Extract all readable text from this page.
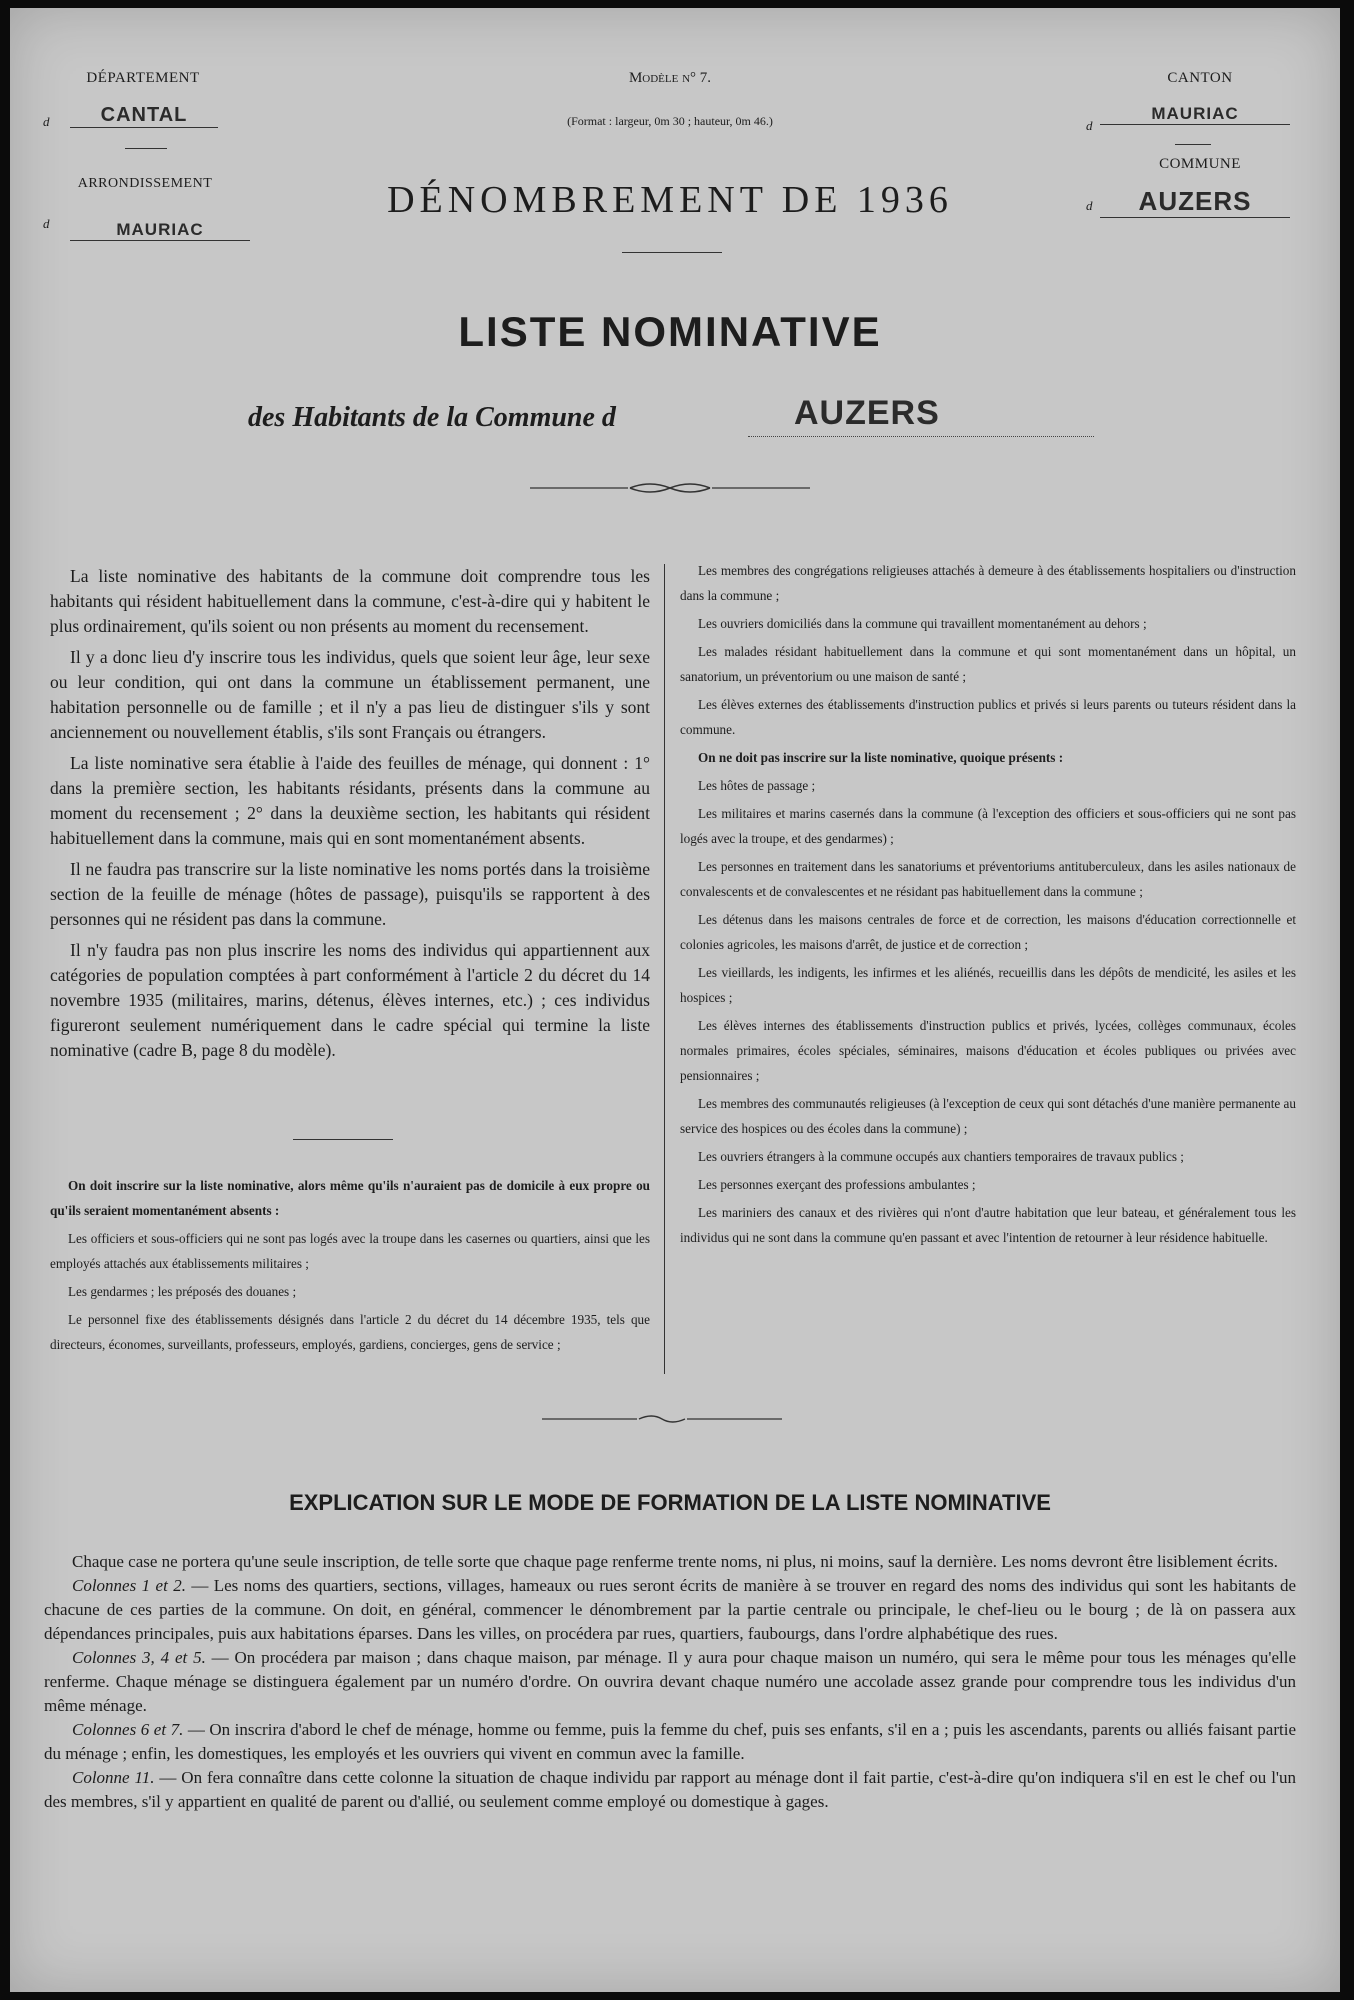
DÉPARTEMENT
d	CANTAL
ARRONDISSEMENT
d	MAURIAC
Modèle n° 7.
(Format : largeur, 0m 30 ; hauteur, 0m 46.)
CANTON
d
MAURIAC
COMMUNE
d	AUZERS
DÉNOMBREMENT DE 1936
LISTE NOMINATIVE
des Habitants de la Commune d	AUZERS

La liste nominative des habitants de la commune doit comprendre tous les habitants qui résident habituellement dans la commune, c'est-à-dire qui y habitent le plus ordinairement, qu'ils soient ou non présents au moment du recensement.

Il y a donc lieu d'y inscrire tous les individus, quels que soient leur âge, leur sexe ou leur condition, qui ont dans la commune un établissement permanent, une habitation personnelle ou de famille ; et il n'y a pas lieu de distinguer s'ils y sont anciennement ou nouvellement établis, s'ils sont Français ou étrangers.

La liste nominative sera établie à l'aide des feuilles de ménage, qui donnent : 1° dans la première section, les habitants résidants, présents dans la commune au moment du recensement ; 2° dans la deuxième section, les habitants qui résident habituellement dans la commune, mais qui en sont momentanément absents.

Il ne faudra pas transcrire sur la liste nominative les noms portés dans la troisième section de la feuille de ménage (hôtes de passage), puisqu'ils se rapportent à des personnes qui ne résident pas dans la commune.

Il n'y faudra pas non plus inscrire les noms des individus qui appartiennent aux catégories de population comptées à part conformément à l'article 2 du décret du 14 novembre 1935 (militaires, marins, détenus, élèves internes, etc.) ; ces individus figureront seulement numériquement dans le cadre spécial qui termine la liste nominative (cadre B, page 8 du modèle).

On doit inscrire sur la liste nominative, alors même qu'ils n'auraient pas de domicile à eux propre ou qu'ils seraient momentanément absents :

Les officiers et sous-officiers qui ne sont pas logés avec la troupe dans les casernes ou quartiers, ainsi que les employés attachés aux établissements militaires ;

Les gendarmes ; les préposés des douanes ;

Le personnel fixe des établissements désignés dans l'article 2 du décret du 14 décembre 1935, tels que directeurs, économes, surveillants, professeurs, employés, gardiens, concierges, gens de service ;

Les membres des congrégations religieuses attachés à demeure à des établissements hospitaliers ou d'instruction dans la commune ;

Les ouvriers domiciliés dans la commune qui travaillent momentanément au dehors ;

Les malades résidant habituellement dans la commune et qui sont momentanément dans un hôpital, un sanatorium, un préventorium ou une maison de santé ;

Les élèves externes des établissements d'instruction publics et privés si leurs parents ou tuteurs résident dans la commune.

On ne doit pas inscrire sur la liste nominative, quoique présents :

Les hôtes de passage ;

Les militaires et marins casernés dans la commune (à l'exception des officiers et sous-officiers qui ne sont pas logés avec la troupe, et des gendarmes) ;

Les personnes en traitement dans les sanatoriums et préventoriums antituberculeux, dans les asiles nationaux de convalescents et de convalescentes et ne résidant pas habituellement dans la commune ;

Les détenus dans les maisons centrales de force et de correction, les maisons d'éducation correctionnelle et colonies agricoles, les maisons d'arrêt, de justice et de correction ;

Les vieillards, les indigents, les infirmes et les aliénés, recueillis dans les dépôts de mendicité, les asiles et les hospices ;

Les élèves internes des établissements d'instruction publics et privés, lycées, collèges communaux, écoles normales primaires, écoles spéciales, séminaires, maisons d'éducation et écoles publiques ou privées avec pensionnaires ;

Les membres des communautés religieuses (à l'exception de ceux qui sont détachés d'une manière permanente au service des hospices ou des écoles dans la commune) ;

Les ouvriers étrangers à la commune occupés aux chantiers temporaires de travaux publics ;

Les personnes exerçant des professions ambulantes ;

Les mariniers des canaux et des rivières qui n'ont d'autre habitation que leur bateau, et généralement tous les individus qui ne sont dans la commune qu'en passant et avec l'intention de retourner à leur résidence habituelle.

EXPLICATION SUR LE MODE DE FORMATION DE LA LISTE NOMINATIVE

Chaque case ne portera qu'une seule inscription, de telle sorte que chaque page renferme trente noms, ni plus, ni moins, sauf la dernière. Les noms devront être lisiblement écrits.

Colonnes 1 et 2. — Les noms des quartiers, sections, villages, hameaux ou rues seront écrits de manière à se trouver en regard des noms des individus qui sont les habitants de chacune de ces parties de la commune. On doit, en général, commencer le dénombrement par la partie centrale ou principale, le chef-lieu ou le bourg ; de là on passera aux dépendances principales, puis aux habitations éparses. Dans les villes, on procédera par rues, quartiers, faubourgs, dans l'ordre alphabétique des rues.

Colonnes 3, 4 et 5. — On procédera par maison ; dans chaque maison, par ménage. Il y aura pour chaque maison un numéro, qui sera le même pour tous les ménages qu'elle renferme. Chaque ménage se distinguera également par un numéro d'ordre. On ouvrira devant chaque numéro une accolade assez grande pour comprendre tous les individus d'un même ménage.

Colonnes 6 et 7. — On inscrira d'abord le chef de ménage, homme ou femme, puis la femme du chef, puis ses enfants, s'il en a ; puis les ascendants, parents ou alliés faisant partie du ménage ; enfin, les domestiques, les employés et les ouvriers qui vivent en commun avec la famille.

Colonne 11. — On fera connaître dans cette colonne la situation de chaque individu par rapport au ménage dont il fait partie, c'est-à-dire qu'on indiquera s'il en est le chef ou l'un des membres, s'il y appartient en qualité de parent ou d'allié, ou seulement comme employé ou domestique à gages.
